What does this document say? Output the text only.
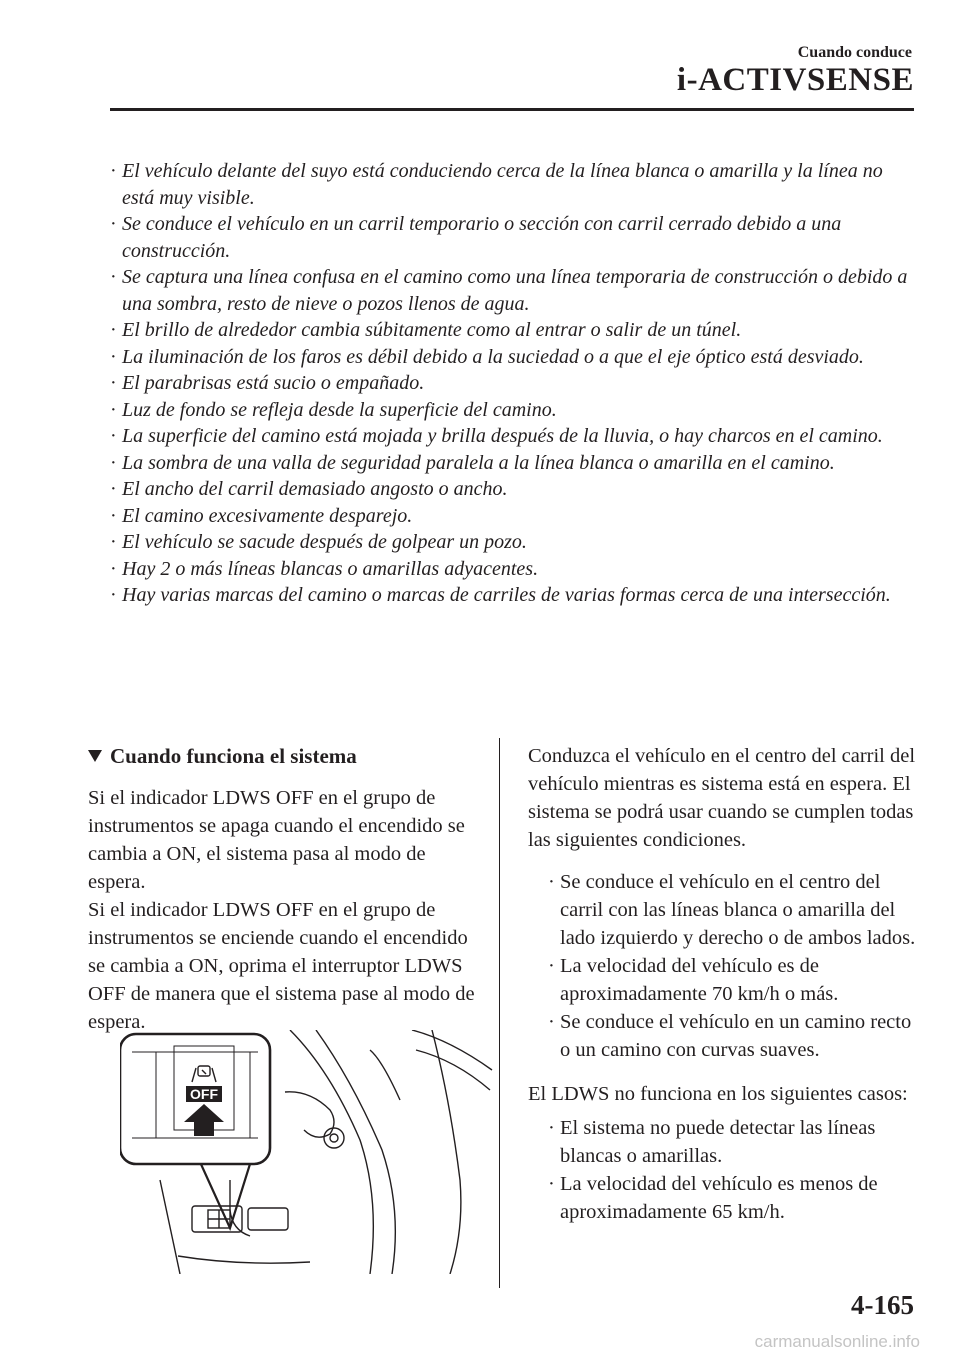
Cuando conduce
i-ACTIVSENSE
· El vehículo delante del suyo está conduciendo cerca de la línea blanca o amarilla y la línea no está muy visible.
· Se conduce el vehículo en un carril temporario o sección con carril cerrado debido a una construcción.
· Se captura una línea confusa en el camino como una línea temporaria de construcción o debido a una sombra, resto de nieve o pozos llenos de agua.
· El brillo de alrededor cambia súbitamente como al entrar o salir de un túnel.
· La iluminación de los faros es débil debido a la suciedad o a que el eje óptico está desviado.
· El parabrisas está sucio o empañado.
· Luz de fondo se refleja desde la superficie del camino.
· La superficie del camino está mojada y brilla después de la lluvia, o hay charcos en el camino.
· La sombra de una valla de seguridad paralela a la línea blanca o amarilla en el camino.
· El ancho del carril demasiado angosto o ancho.
· El camino excesivamente desparejo.
· El vehículo se sacude después de golpear un pozo.
· Hay 2 o más líneas blancas o amarillas adyacentes.
· Hay varias marcas del camino o marcas de carriles de varias formas cerca de una intersección.
Cuando funciona el sistema

Si el indicador LDWS OFF en el grupo de instrumentos se apaga cuando el encendido se cambia a ON, el sistema pasa al modo de espera.

Si el indicador LDWS OFF en el grupo de instrumentos se enciende cuando el encendido se cambia a ON, oprima el interruptor LDWS OFF de manera que el sistema pase al modo de espera.

Conduzca el vehículo en el centro del carril del vehículo mientras es sistema está en espera. El sistema se podrá usar cuando se cumplen todas las siguientes condiciones.

· Se conduce el vehículo en el centro del carril con las líneas blanca o amarilla del lado izquierdo y derecho o de ambos lados.
· La velocidad del vehículo es de aproximadamente 70 km/h o más.
· Se conduce el vehículo en un camino recto o un camino con curvas suaves.

El LDWS no funciona en los siguientes casos:

· El sistema no puede detectar las líneas blancas o amarillas.
· La velocidad del vehículo es menos de aproximadamente 65 km/h.
OFF
4-165
carmanualsonline.info
